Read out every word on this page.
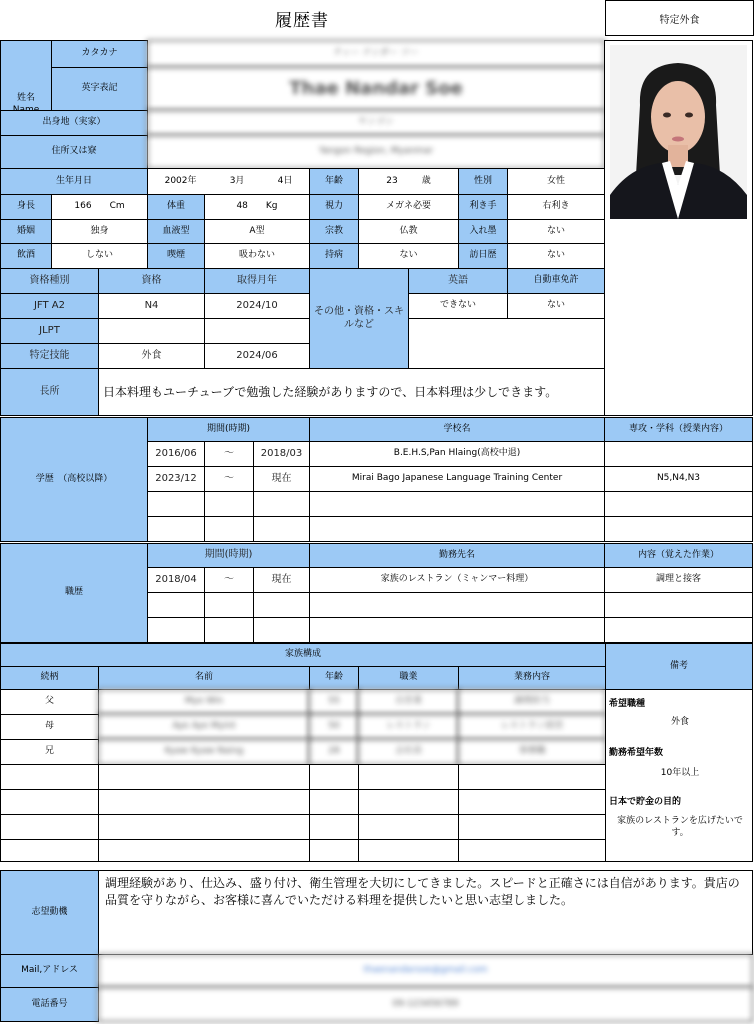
履歴書	特定外食
姓名

カタカナ	ティー ナンダー ソー
英字表記	Thae Nandar Soe
出身地（実家）	ヤンゴン
住所又は寮	Yangon Region, Myanmar
生年月日	2002年	3月	4日	年齢	23	歳	性別	女性
身長	166 Cm	体重	48 Kg	視力	メガネ必要	利き手	右利き
婚姻	独身	血液型	A型	宗教	仏教	入れ墨	ない
飲酒	しない	喫煙	吸わない	持病	ない	訪日歴	ない
資格種別	資格	取得月年
その他・資格・スキルなど
英語	自動車免許
できない	ない
JFT A2	N4	2024/10
JLPT
特定技能	外食	2024/06
長所	日本料理もユーチューブで勉強した経験がありますので、日本料理は少しできます。
学歴　（高校以降）
期間(時期)	学校名	専攻・学科（授業内容）
2016/06	～	2018/03	B.E.H.S,Pan Hlaing(高校中退)
2023/12	～	現在	Mirai Bago Japanese Language Training Center	N5,N4,N3
職歴
期間(時期)	勤務先名	内容（覚えた作業）
2018/04	～	現在	家族のレストラン（ミャンマー料理）	調理と接客
家族構成
続柄	名前	年齢	職業	業務内容
父	Myo Win	55	自営業	調理担当
母	Aye Aye Myint	50	レストラン	レストラン経営
兄	Kyaw Kyaw Naing	28	会社員	事務職
備考
希望職種
外食
勤務希望年数
10年以上
日本で貯金の目的
家族のレストランを広げたいです。
志望動機
調理経験があり、仕込み、盛り付け、衛生管理を大切にしてきました。スピードと正確さには自信があります。貴店の品質を守りながら、お客様に喜んでいただける料理を提供したいと思い志望しました。
Mail,アドレス	thaenandarsoe@gmail.com
電話番号	09-123456789
